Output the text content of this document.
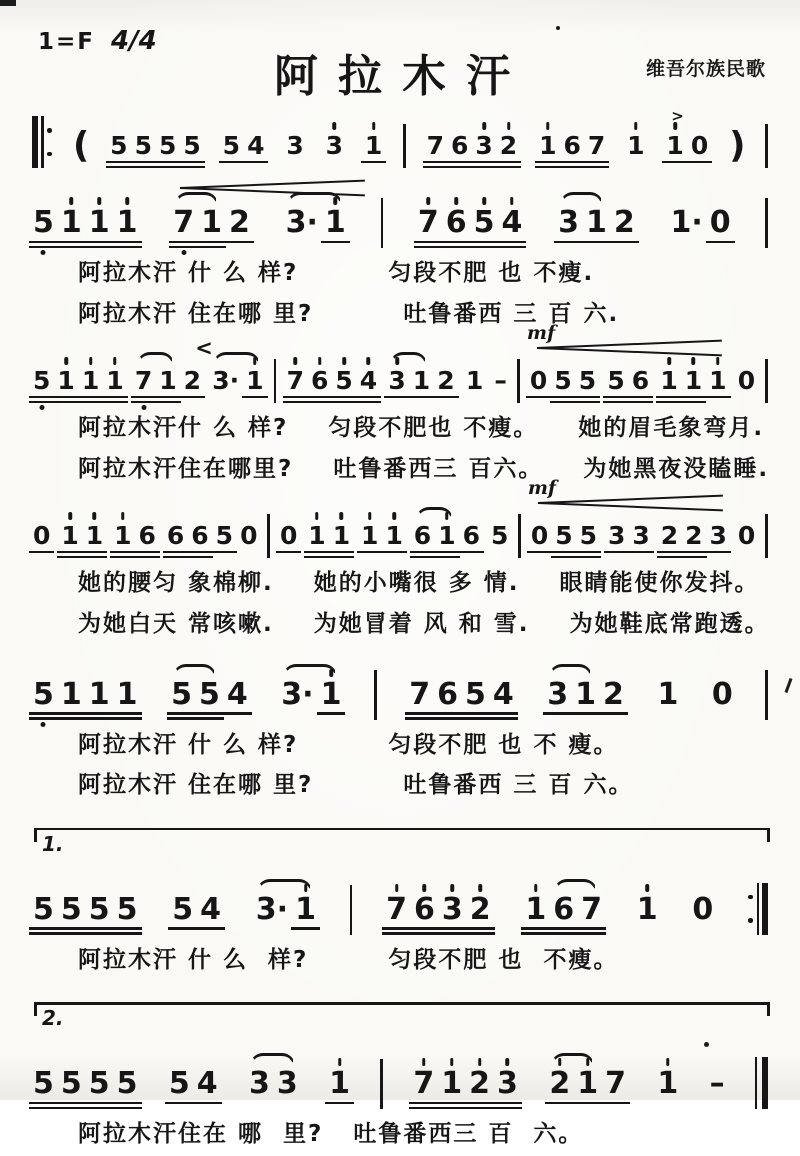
1=F 4/4
阿拉木汗	维吾尔族民歌
( 5 5 5 5 5 4 3 3 1 7 6 3 2 1 6 7 1 1
>
0 )
5 1 1 1 7 1 2 3· 1 7 6 5 4 3 1 2 1· 0
阿拉木汗 什 么 样?         匀段不肥 也 不瘦.
阿拉木汗 住在哪 里?         吐鲁番西 三 百 六.
5 1 1 1 7 1 2
<
3· 1 7 6 5 4 3 1 2 1 –
mf
0 5 5 5 6 1 1 1 0
阿拉木汗什 么 样?    匀段不肥也 不瘦。    她的眉毛象弯月.
阿拉木汗住在哪里?    吐鲁番西三 百六。    为她黑夜没瞌睡.
0 1 1 1 6 6 6 5 0 0 1 1 1 1 6 1 6 5
mf
0 5 5 3 3 2 2 3 0
她的腰匀 象棉柳.    她的小嘴很 多 情.    眼睛能使你发抖。
为她白天 常咳嗽.    为她冒着 风 和 雪.    为她鞋底常跑透。
5 1 1 1 5 5 4 3· 1 7 6 5 4 3 1 2 1 0
阿拉木汗 什 么 样?         匀段不肥 也 不 瘦。
阿拉木汗 住在哪 里?         吐鲁番西 三 百 六。
1.
5 5 5 5 5 4 3· 1 7 6 3 2 1 6 7 1 0
阿拉木汗 什 么  样?        匀段不肥 也  不瘦。
2.
5 5 5 5 5 4 3 3 1 7 1 2 3 2 1 7 1 –
阿拉木汗住在 哪  里?   吐鲁番西三 百  六。
